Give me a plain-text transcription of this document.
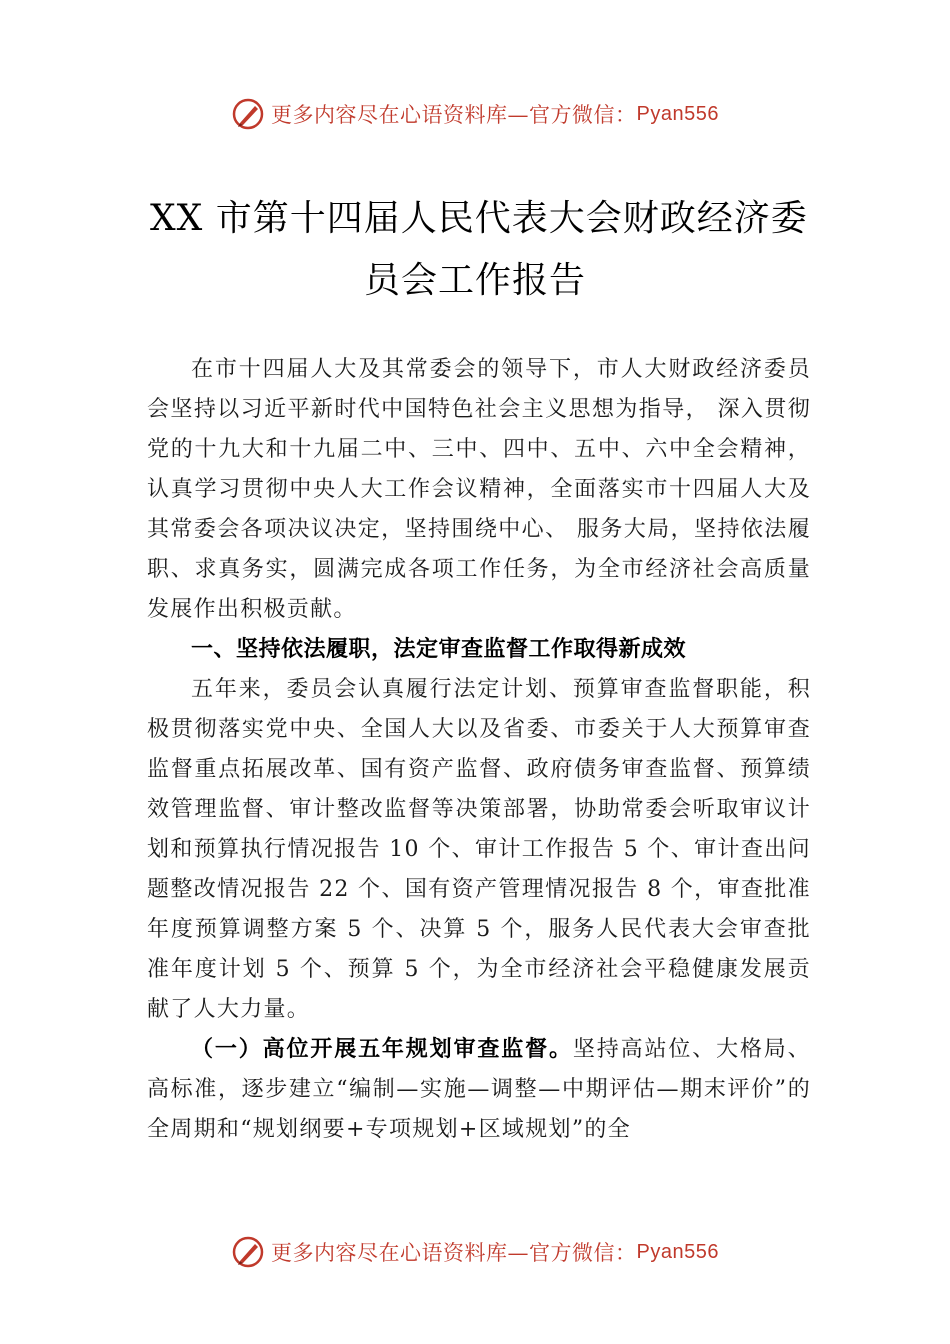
更多内容尽在心语资料库—官方微信： Pyan556
XX 市第十四届人民代表大会财政经济委
员会工作报告

在市十四届人大及其常委会的领导下，市人大财政经济委员会坚持以习近平新时代中国特色社会主义思想为指导， 深入贯彻党的十九大和十九届二中、三中、四中、五中、六中全会精神，认真学习贯彻中央人大工作会议精神，全面落实市十四届人大及其常委会各项决议决定，坚持围绕中心、 服务大局，坚持依法履职、求真务实，圆满完成各项工作任务，为全市经济社会高质量发展作出积极贡献。

一、坚持依法履职，法定审查监督工作取得新成效

五年来，委员会认真履行法定计划、预算审查监督职能，积极贯彻落实党中央、全国人大以及省委、市委关于人大预算审查监督重点拓展改革、国有资产监督、政府债务审查监督、预算绩效管理监督、审计整改监督等决策部署，协助常委会听取审议计划和预算执行情况报告 10 个、审计工作报告 5 个、审计查出问题整改情况报告 22 个、国有资产管理情况报告 8 个，审查批准年度预算调整方案 5 个、决算 5 个，服务人民代表大会审查批准年度计划 5 个、预算 5 个，为全市经济社会平稳健康发展贡献了人大力量。

（一）高位开展五年规划审查监督。坚持高站位、大格局、高标准，逐步建立“编制—实施—调整—中期评估—期末评价”的全周期和“规划纲要+专项规划+区域规划”的全

更多内容尽在心语资料库—官方微信： Pyan556
